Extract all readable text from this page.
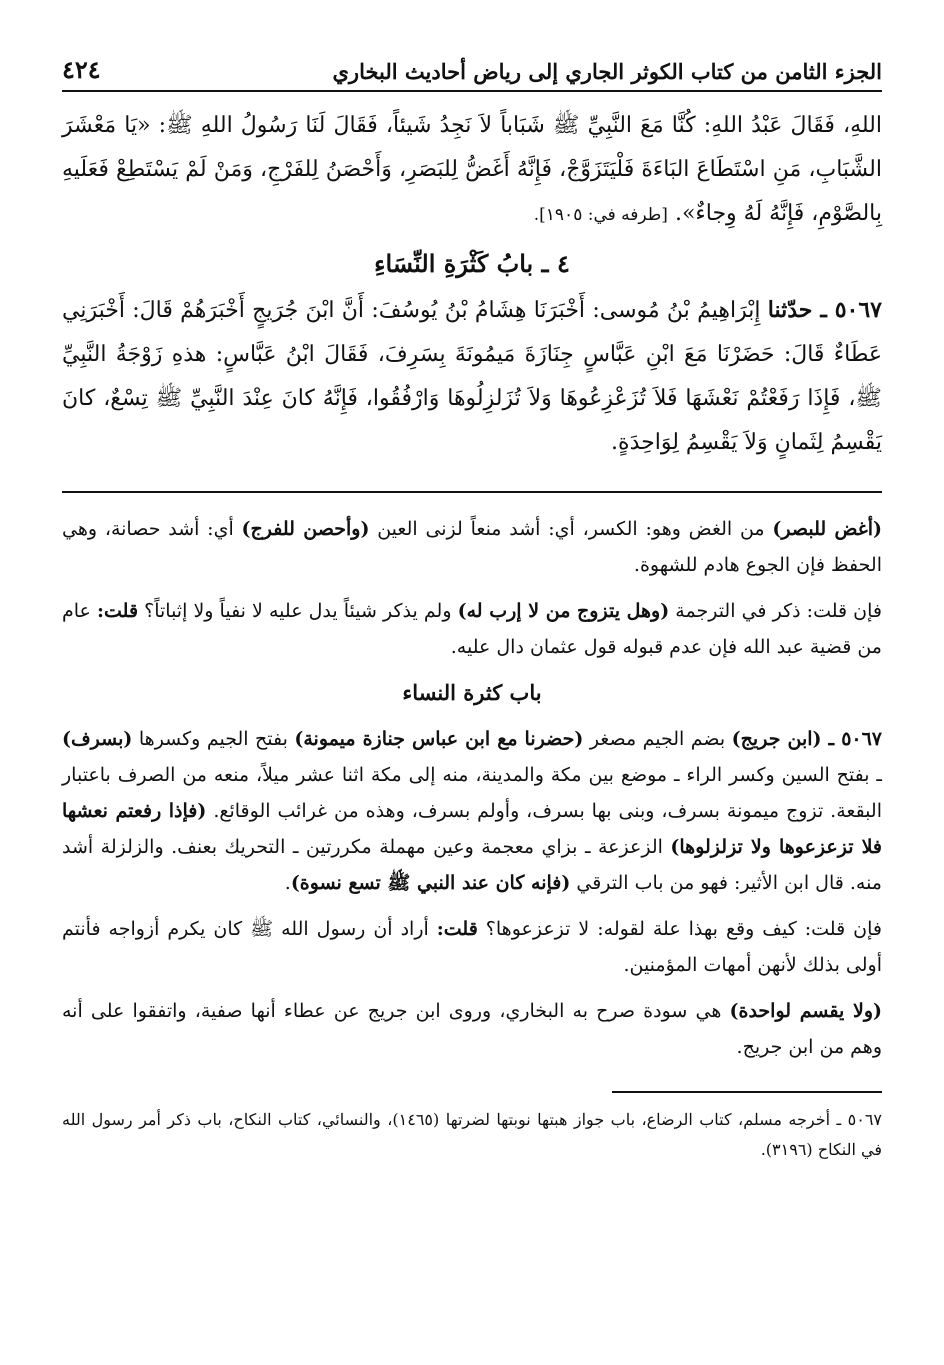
الجزء الثامن من كتاب الكوثر الجاري إلى رياض أحاديث البخاري
٤٢٤
اللهِ، فَقَالَ عَبْدُ اللهِ: كُنَّا مَعَ النَّبِيِّ ﷺ شَبَاباً لاَ نَجِدُ شَيئاً، فَقَالَ لَنَا رَسُولُ اللهِ ﷺ: «يَا مَعْشَرَ الشَّبَابِ، مَنِ اسْتَطَاعَ البَاءَةَ فَلْيَتَزَوَّجْ، فَإِنَّهُ أَغَضُّ لِلبَصَرِ، وَأَحْصَنُ لِلفَرْجِ، وَمَنْ لَمْ يَسْتَطِعْ فَعَلَيهِ بِالصَّوْمِ، فَإِنَّهُ لَهُ وِجاءٌ». [طرفه في: ١٩٠٥].
٤ ـ بابُ كَثْرَةِ النِّسَاءِ
٥٠٦٧ ـ حدّثنا إِبْرَاهِيمُ بْنُ مُوسى: أَخْبَرَنَا هِشَامُ بْنُ يُوسُفَ: أَنَّ ابْنَ جُرَيجٍ أَخْبَرَهُمْ قَالَ: أَخْبَرَنِي عَطَاءٌ قَالَ: حَضَرْنَا مَعَ ابْنِ عَبَّاسٍ جِنَازَةَ مَيمُونَةَ بِسَرِفَ، فَقَالَ ابْنُ عَبَّاسٍ: هذهِ زَوْجَةُ النَّبِيِّ ﷺ، فَإِذَا رَفَعْتُمْ نَعْشَهَا فَلاَ تُزَعْزِعُوهَا وَلاَ تُزَلزِلُوهَا وَارْفُقُوا، فَإِنَّهُ كانَ عِنْدَ النَّبِيِّ ﷺ تِسْعٌ، كانَ يَقْسِمُ لِثَمانٍ وَلاَ يَقْسِمُ لِوَاحِدَةٍ.

(أغض للبصر) من الغض وهو: الكسر، أي: أشد منعاً لزنى العين (وأحصن للفرج) أي: أشد حصانة، وهي الحفظ فإن الجوع هادم للشهوة.

فإن قلت: ذكر في الترجمة (وهل يتزوج من لا إرب له) ولم يذكر شيئاً يدل عليه لا نفياً ولا إثباتاً؟ قلت: عام من قضية عبد الله فإن عدم قبوله قول عثمان دال عليه.

باب كثرة النساء

٥٠٦٧ ـ (ابن جريج) بضم الجيم مصغر (حضرنا مع ابن عباس جنازة ميمونة) بفتح الجيم وكسرها (بسرف) ـ بفتح السين وكسر الراء ـ موضع بين مكة والمدينة، منه إلى مكة اثنا عشر ميلاً، منعه من الصرف باعتبار البقعة. تزوج ميمونة بسرف، وبنى بها بسرف، وأولم بسرف، وهذه من غرائب الوقائع. (فإذا رفعتم نعشها فلا تزعزعوها ولا تزلزلوها) الزعزعة ـ بزاي معجمة وعين مهملة مكررتين ـ التحريك بعنف. والزلزلة أشد منه. قال ابن الأثير: فهو من باب الترقي (فإنه كان عند النبي ﷺ تسع نسوة).

فإن قلت: كيف وقع بهذا علة لقوله: لا تزعزعوها؟ قلت: أراد أن رسول الله ﷺ كان يكرم أزواجه فأنتم أولى بذلك لأنهن أمهات المؤمنين.

(ولا يقسم لواحدة) هي سودة صرح به البخاري، وروى ابن جريج عن عطاء أنها صفية، واتفقوا على أنه وهم من ابن جريج.

٥٠٦٧ ـ أخرجه مسلم، كتاب الرضاع، باب جواز هبتها نوبتها لضرتها (١٤٦٥)، والنسائي، كتاب النكاح، باب ذكر أمر رسول الله في النكاح (٣١٩٦).
